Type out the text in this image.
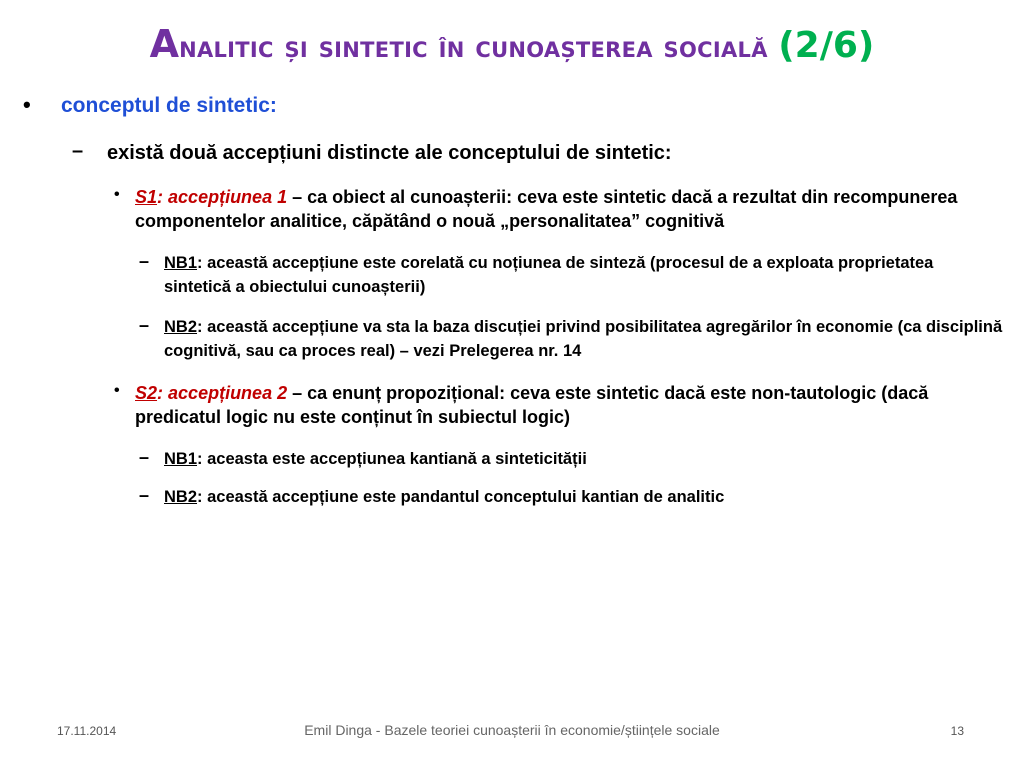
Analitic și sintetic în cunoașterea socială (2/6)
• conceptul de sintetic:
– există două accepțiuni distincte ale conceptului de sintetic:
• S1: accepțiunea 1 – ca obiect al cunoașterii: ceva este sintetic dacă a rezultat din recompunerea componentelor analitice, căpătând o nouă „personalitatea” cognitivă
– NB1: această accepțiune este corelată cu noțiunea de sinteză (procesul de a exploata proprietatea sintetică a obiectului cunoașterii)
– NB2: această accepțiune va sta la baza discuției privind posibilitatea agregărilor în economie (ca disciplină cognitivă, sau ca proces real) – vezi Prelegerea nr. 14
• S2: accepțiunea 2 – ca enunț propozițional: ceva este sintetic dacă este non-tautologic (dacă predicatul logic nu este conținut în subiectul logic)
– NB1: aceasta este accepțiunea kantiană a sinteticității
– NB2: această accepțiune este pandantul conceptului kantian de analitic
17.11.2014	Emil Dinga - Bazele teoriei cunoașterii în economie/științele sociale	13
